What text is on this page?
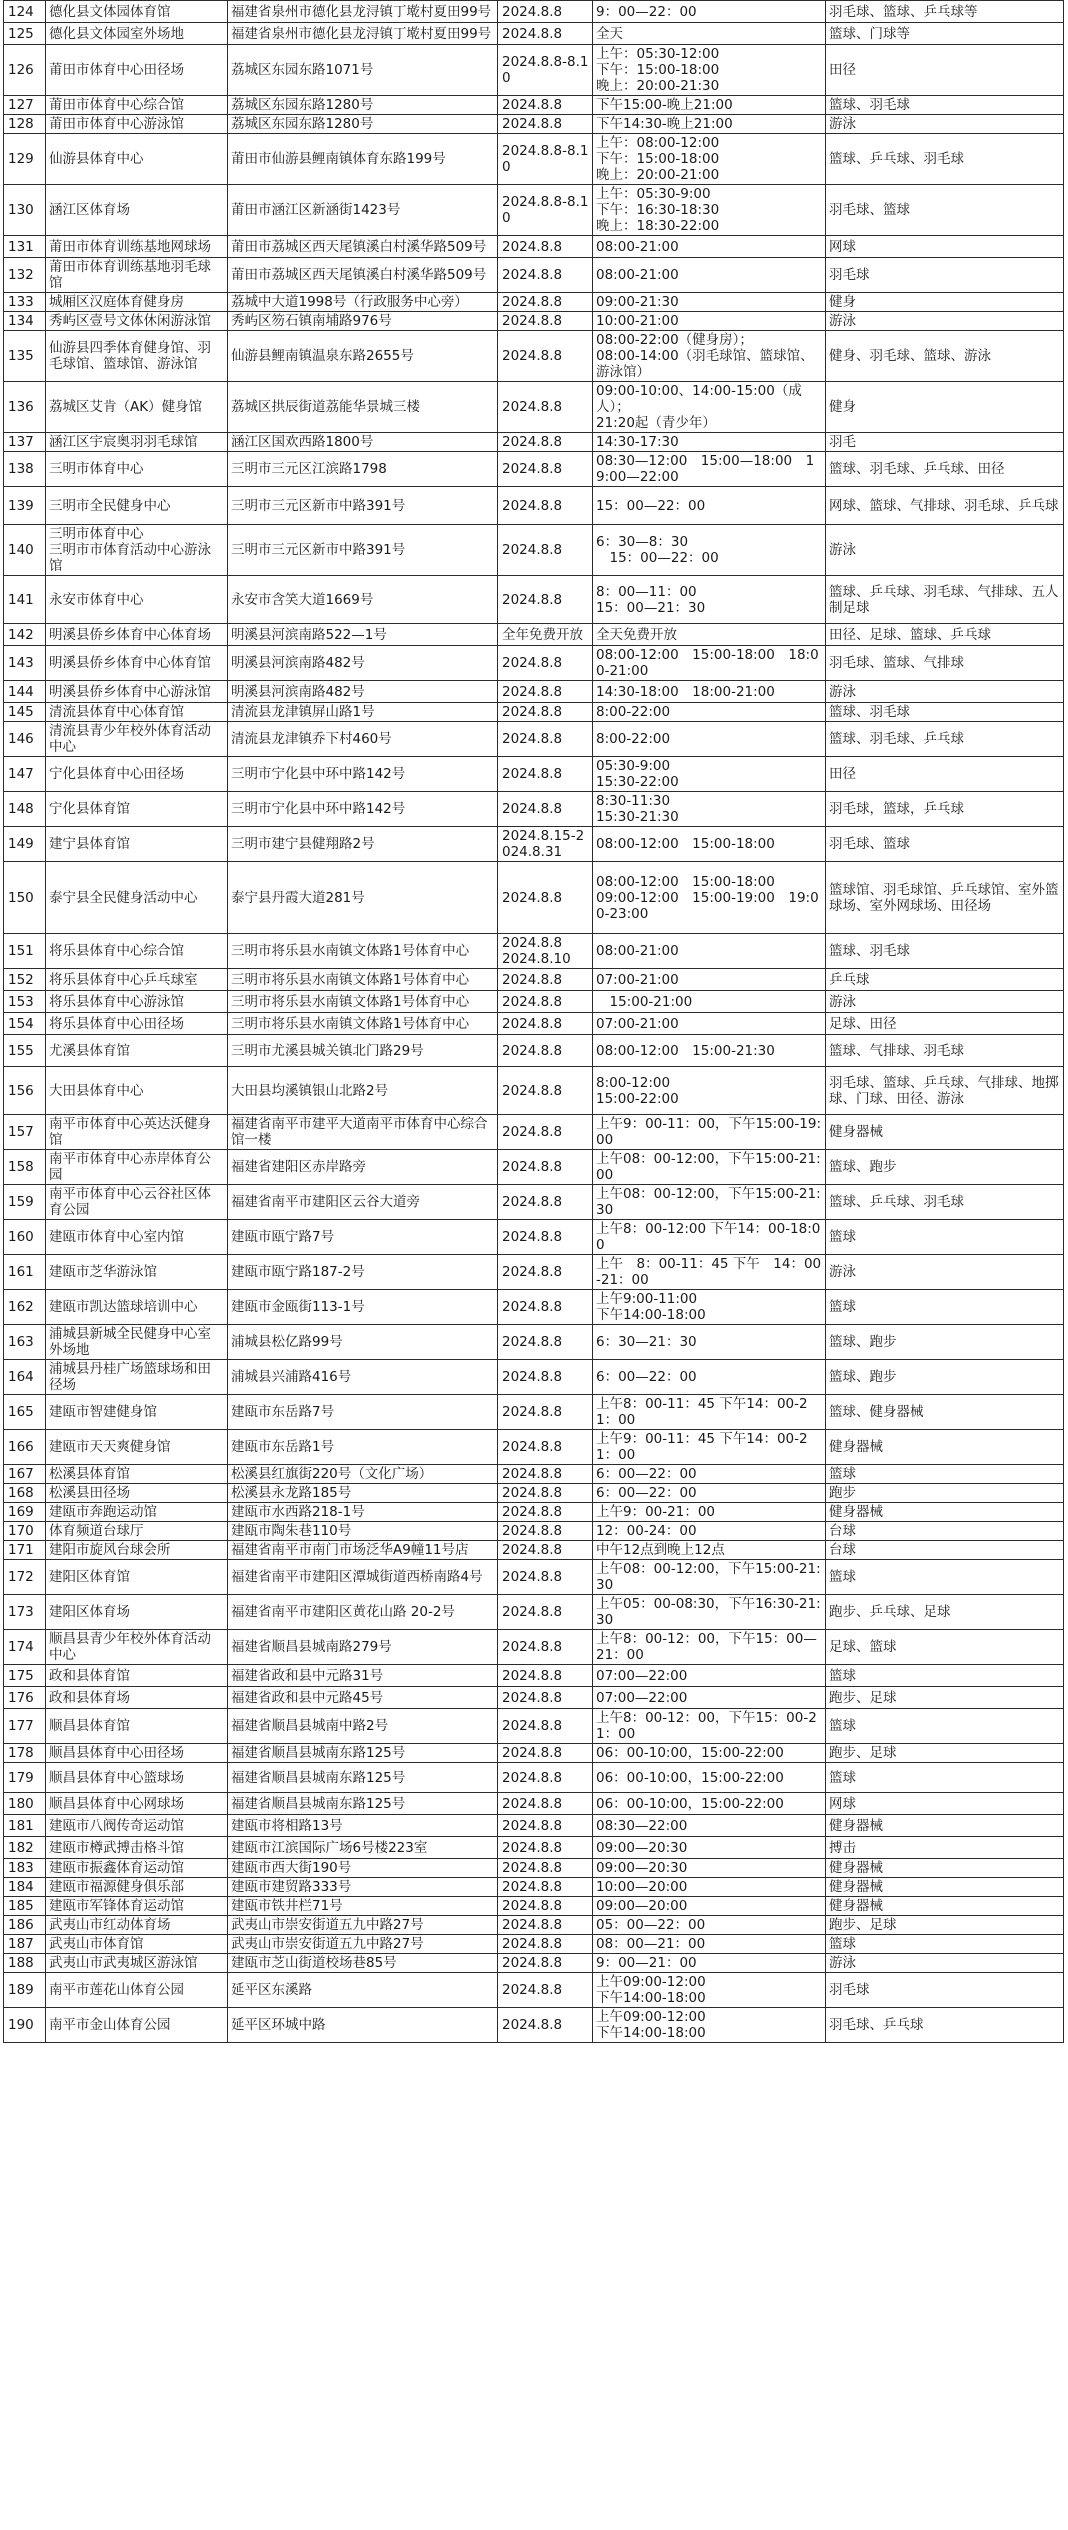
124	德化县文体园体育馆	福建省泉州市德化县龙浔镇丁墘村夏田99号	2024.8.8	9：00—22：00	羽毛球、篮球、乒乓球等
125	德化县文体园室外场地	福建省泉州市德化县龙浔镇丁墘村夏田99号	2024.8.8	全天	篮球、门球等
126	莆田市体育中心田径场	荔城区东园东路1071号	2024.8.8-8.10	上午：05:30-12:00
下午：15:00-18:00
晚上：20:00-21:30	田径
127	莆田市体育中心综合馆	荔城区东园东路1280号	2024.8.8	下午15:00-晚上21:00	篮球、羽毛球
128	莆田市体育中心游泳馆	荔城区东园东路1280号	2024.8.8	下午14:30-晚上21:00	游泳
129	仙游县体育中心	莆田市仙游县鲤南镇体育东路199号	2024.8.8-8.10	上午：08:00-12:00
下午：15:00-18:00
晚上：20:00-21:00	篮球、乒乓球、羽毛球
130	涵江区体育场	莆田市涵江区新涵街1423号	2024.8.8-8.10	上午：05:30-9:00
下午：16:30-18:30
晚上：18:30-22:00	羽毛球、篮球
131	莆田市体育训练基地网球场	莆田市荔城区西天尾镇溪白村溪华路509号	2024.8.8	08:00-21:00	网球
132	莆田市体育训练基地羽毛球馆	莆田市荔城区西天尾镇溪白村溪华路509号	2024.8.8	08:00-21:00	羽毛球
133	城厢区汉庭体育健身房	荔城中大道1998号（行政服务中心旁）	2024.8.8	09:00-21:30	健身
134	秀屿区壹号文体休闲游泳馆	秀屿区笏石镇南埔路976号	2024.8.8	10:00-21:00	游泳
135	仙游县四季体育健身馆、羽毛球馆、篮球馆、游泳馆	仙游县鲤南镇温泉东路2655号	2024.8.8	08:00-22:00（健身房）；
08:00-14:00（羽毛球馆、篮球馆、游泳馆）	健身、羽毛球、篮球、游泳
136	荔城区艾肯（AK）健身馆	荔城区拱辰街道荔能华景城三楼	2024.8.8	09:00-10:00、14:00-15:00（成人）；
21:20起（青少年）	健身
137	涵江区宇宸奥羽羽毛球馆	涵江区国欢西路1800号	2024.8.8	14:30-17:30	羽毛
138	三明市体育中心	三明市三元区江滨路1798	2024.8.8	08:30—12:00　15:00—18:00　19:00—22:00	篮球、羽毛球、乒乓球、田径
139	三明市全民健身中心	三明市三元区新市中路391号	2024.8.8	15：00—22：00	网球、篮球、气排球、羽毛球、乒乓球
140	三明市体育中心
三明市市体育活动中心游泳馆	三明市三元区新市中路391号	2024.8.8	6：30—8：30
　15：00—22：00	游泳
141	永安市体育中心	永安市含笑大道1669号	2024.8.8	8：00—11：00
15：00—21：30	篮球、乒乓球、羽毛球、气排球、五人制足球
142	明溪县侨乡体育中心体育场	明溪县河滨南路522—1号	全年免费开放	全天免费开放	田径、足球、篮球、乒乓球
143	明溪县侨乡体育中心体育馆	明溪县河滨南路482号	2024.8.8	08:00-12:00　15:00-18:00　18:00-21:00	羽毛球、篮球、气排球
144	明溪县侨乡体育中心游泳馆	明溪县河滨南路482号	2024.8.8	14:30-18:00　18:00-21:00	游泳
145	清流县体育中心体育馆	清流县龙津镇屏山路1号	2024.8.8	8:00-22:00	篮球、羽毛球
146	清流县青少年校外体育活动中心	清流县龙津镇乔下村460号	2024.8.8	8:00-22:00	篮球、羽毛球、乒乓球
147	宁化县体育中心田径场	三明市宁化县中环中路142号	2024.8.8	05:30-9:00
15:30-22:00	田径
148	宁化县体育馆	三明市宁化县中环中路142号	2024.8.8	8:30-11:30
15:30-21:30	羽毛球，篮球，乒乓球
149	建宁县体育馆	三明市建宁县健翔路2号	2024.8.15-2024.8.31	08:00-12:00　15:00-18:00	羽毛球、篮球
150	泰宁县全民健身活动中心	泰宁县丹霞大道281号	2024.8.8	08:00-12:00　15:00-18:00
09:00-12:00　15:00-19:00　19:00-23:00	篮球馆、羽毛球馆、乒乓球馆、室外篮球场、室外网球场、田径场
151	将乐县体育中心综合馆	三明市将乐县水南镇文体路1号体育中心	2024.8.8
2024.8.10	08:00-21:00	篮球、羽毛球
152	将乐县体育中心乒乓球室	三明市将乐县水南镇文体路1号体育中心	2024.8.8	07:00-21:00	乒乓球
153	将乐县体育中心游泳馆	三明市将乐县水南镇文体路1号体育中心	2024.8.8	　15:00-21:00	游泳
154	将乐县体育中心田径场	三明市将乐县水南镇文体路1号体育中心	2024.8.8	07:00-21:00	足球、田径
155	尤溪县体育馆	三明市尤溪县城关镇北门路29号	2024.8.8	08:00-12:00　15:00-21:30	篮球、气排球、羽毛球
156	大田县体育中心	大田县均溪镇银山北路2号	2024.8.8	8:00-12:00
15:00-22:00	羽毛球、篮球、乒乓球、气排球、地掷球、门球、田径、游泳
157	南平市体育中心英达沃健身馆	福建省南平市建平大道南平市体育中心综合馆一楼	2024.8.8	上午9：00-11：00，下午15:00-19:00	健身器械
158	南平市体育中心赤岸体育公园	福建省建阳区赤岸路旁	2024.8.8	上午08：00-12:00，下午15:00-21:00	篮球、跑步
159	南平市体育中心云谷社区体育公园	福建省南平市建阳区云谷大道旁	2024.8.8	上午08：00-12:00，下午15:00-21:30	篮球、乒乓球、羽毛球
160	建瓯市体育中心室内馆	建瓯市瓯宁路7号	2024.8.8	上午8：00-12:00 下午14：00-18:00	篮球
161	建瓯市芝华游泳馆	建瓯市瓯宁路187-2号	2024.8.8	上午　8：00-11：45 下午　14：00-21：00	游泳
162	建瓯市凯达篮球培训中心	建瓯市金瓯街113-1号	2024.8.8	上午9:00-11:00
下午14:00-18:00	篮球
163	浦城县新城全民健身中心室外场地	浦城县松亿路99号	2024.8.8	6：30—21：30	篮球、跑步
164	浦城县丹桂广场篮球场和田径场	浦城县兴浦路416号	2024.8.8	6：00—22：00	篮球、跑步
165	建瓯市智建健身馆	建瓯市东岳路7号	2024.8.8	上午8：00-11：45 下午14：00-21：00	篮球、健身器械
166	建瓯市天天爽健身馆	建瓯市东岳路1号	2024.8.8	上午9：00-11：45 下午14：00-21：00	健身器械
167	松溪县体育馆	松溪县红旗街220号（文化广场）	2024.8.8	6：00—22：00	篮球
168	松溪县田径场	松溪县永龙路185号	2024.8.8	6：00—22：00	跑步
169	建瓯市奔跑运动馆	建瓯市水西路218-1号	2024.8.8	上午9：00-21：00	健身器械
170	体育频道台球厅	建瓯市陶朱巷110号	2024.8.8	12：00-24：00	台球
171	建阳市旋风台球会所	福建省南平市南门市场泛华A9幢11号店	2024.8.8	中午12点到晚上12点	台球
172	建阳区体育馆	福建省南平市建阳区潭城街道西桥南路4号	2024.8.8	上午08：00-12:00，下午15:00-21:30	篮球
173	建阳区体育场	福建省南平市建阳区黄花山路 20-2号	2024.8.8	上午05：00-08:30，下午16:30-21:30	跑步、乒乓球、足球
174	顺昌县青少年校外体育活动中心	福建省顺昌县城南路279号	2024.8.8	上午8：00-12：00，下午15：00—21：00	足球、篮球
175	政和县体育馆	福建省政和县中元路31号	2024.8.8	07:00—22:00	篮球
176	政和县体育场	福建省政和县中元路45号	2024.8.8	07:00—22:00	跑步、足球
177	顺昌县体育馆	福建省顺昌县城南中路2号	2024.8.8	上午8：00-12：00，下午15：00-21：00	篮球
178	顺昌县体育中心田径场	福建省顺昌县城南东路125号	2024.8.8	06：00-10:00，15:00-22:00	跑步、足球
179	顺昌县体育中心篮球场	福建省顺昌县城南东路125号	2024.8.8	06：00-10:00，15:00-22:00	篮球
180	顺昌县体育中心网球场	福建省顺昌县城南东路125号	2024.8.8	06：00-10:00，15:00-22:00	网球
181	建瓯市八阀传奇运动馆	建瓯市将相路13号	2024.8.8	08:30—22:00	健身器械
182	建瓯市樽武搏击格斗馆	建瓯市江滨国际广场6号楼223室	2024.8.8	09:00—20:30	搏击
183	建瓯市振鑫体育运动馆	建瓯市西大街190号	2024.8.8	09:00—20:30	健身器械
184	建瓯市福源健身俱乐部	建瓯市建贸路333号	2024.8.8	10:00—20:00	健身器械
185	建瓯市军锋体育运动馆	建瓯市铁井栏71号	2024.8.8	09:00—20:00	健身器械
186	武夷山市红动体育场	武夷山市崇安街道五九中路27号	2024.8.8	05：00—22：00	跑步、足球
187	武夷山市体育馆	武夷山市崇安街道五九中路27号	2024.8.8	08：00—21：00	篮球
188	武夷山市武夷城区游泳馆	建瓯市芝山街道校场巷85号	2024.8.8	9：00—21：00	游泳
189	南平市莲花山体育公园	延平区东溪路	2024.8.8	上午09:00-12:00
下午14:00-18:00	羽毛球
190	南平市金山体育公园	延平区环城中路	2024.8.8	上午09:00-12:00
下午14:00-18:00	羽毛球、乒乓球
